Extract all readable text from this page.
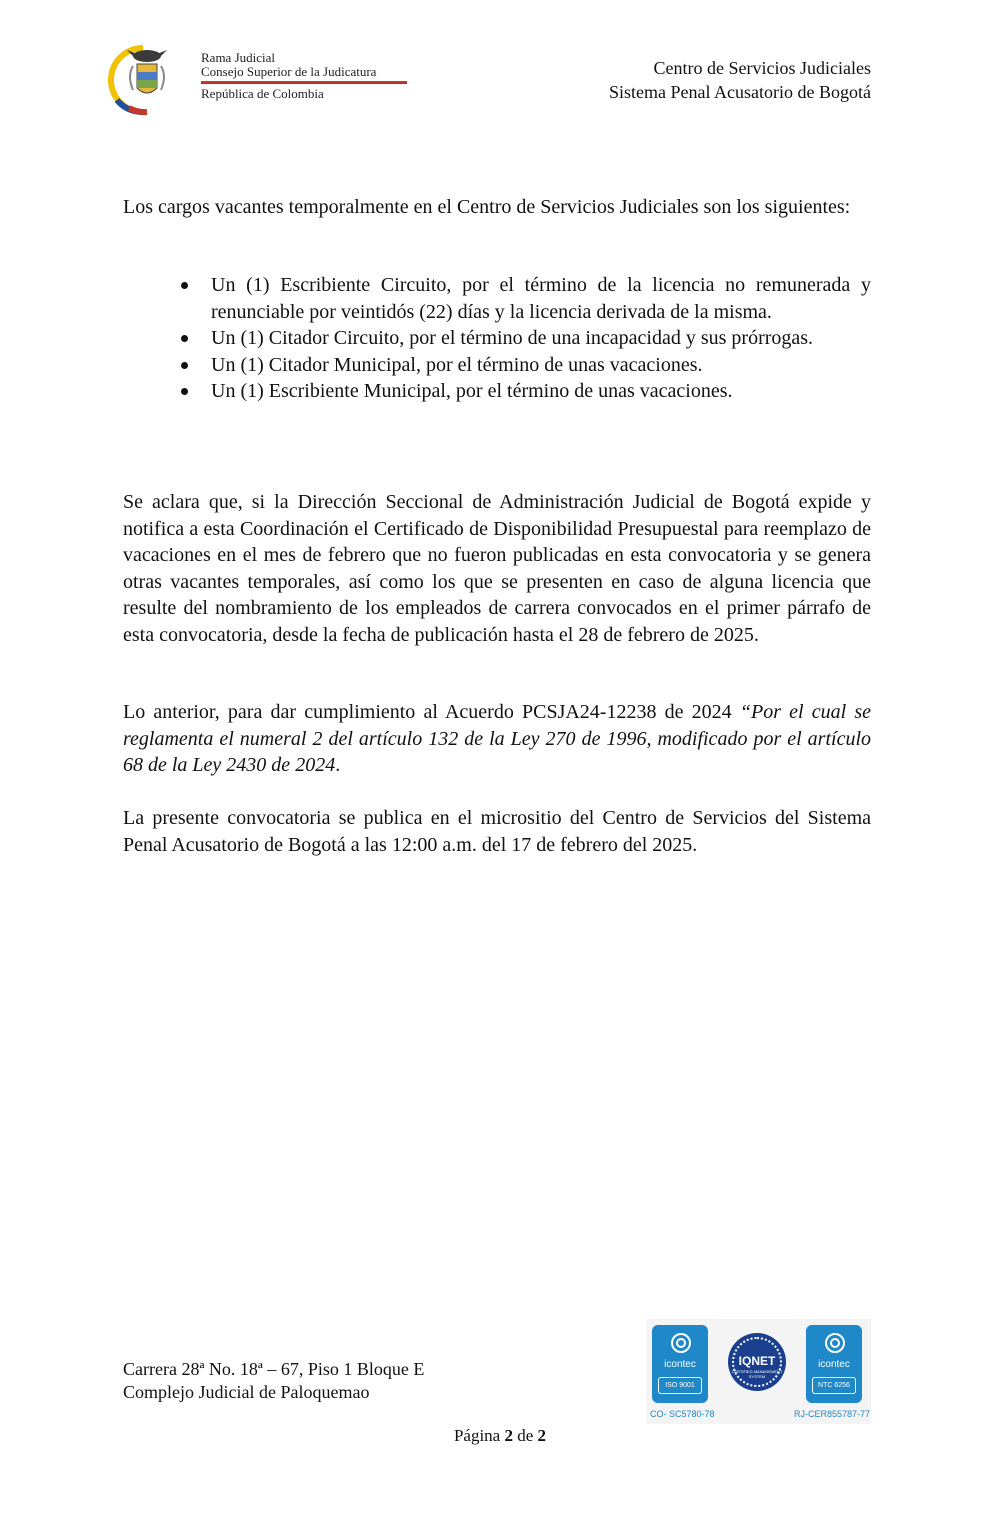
Rama Judicial
Consejo Superior de la Judicatura
República de Colombia
Centro de Servicios Judiciales
Sistema Penal Acusatorio de Bogotá
Los cargos vacantes temporalmente en el Centro de Servicios Judiciales son los siguientes:
Un (1) Escribiente Circuito, por el término de la licencia no remunerada y renunciable por veintidós (22) días y la licencia derivada de la misma.
Un (1) Citador Circuito, por el término de una incapacidad y sus prórrogas.
Un (1) Citador Municipal, por el término de unas vacaciones.
Un (1) Escribiente Municipal, por el término de unas vacaciones.
Se aclara que, si la Dirección Seccional de Administración Judicial de Bogotá expide y notifica a esta Coordinación el Certificado de Disponibilidad Presupuestal para reemplazo de vacaciones en el mes de febrero que no fueron publicadas en esta convocatoria y se genera otras vacantes temporales, así como los que se presenten en caso de alguna licencia que resulte del nombramiento de los empleados de carrera convocados en el primer párrafo de esta convocatoria, desde la fecha de publicación hasta el 28 de febrero de 2025.
Lo anterior, para dar cumplimiento al Acuerdo PCSJA24-12238 de 2024 “Por el cual se reglamenta el numeral 2 del artículo 132 de la Ley 270 de 1996, modificado por el artículo 68 de la Ley 2430 de 2024.
La presente convocatoria se publica en el micrositio del Centro de Servicios del Sistema Penal Acusatorio de Bogotá a las 12:00 a.m. del 17 de febrero del 2025.
Carrera 28ª No. 18ª – 67, Piso 1 Bloque E
Complejo Judicial de Paloquemao
icontec
ISO 9001
IQNET
CERTIFIED MANAGEMENT SYSTEM
icontec
NTC 6256
CO- SC5780-78	RJ-CER855787-77
Página 2 de 2
